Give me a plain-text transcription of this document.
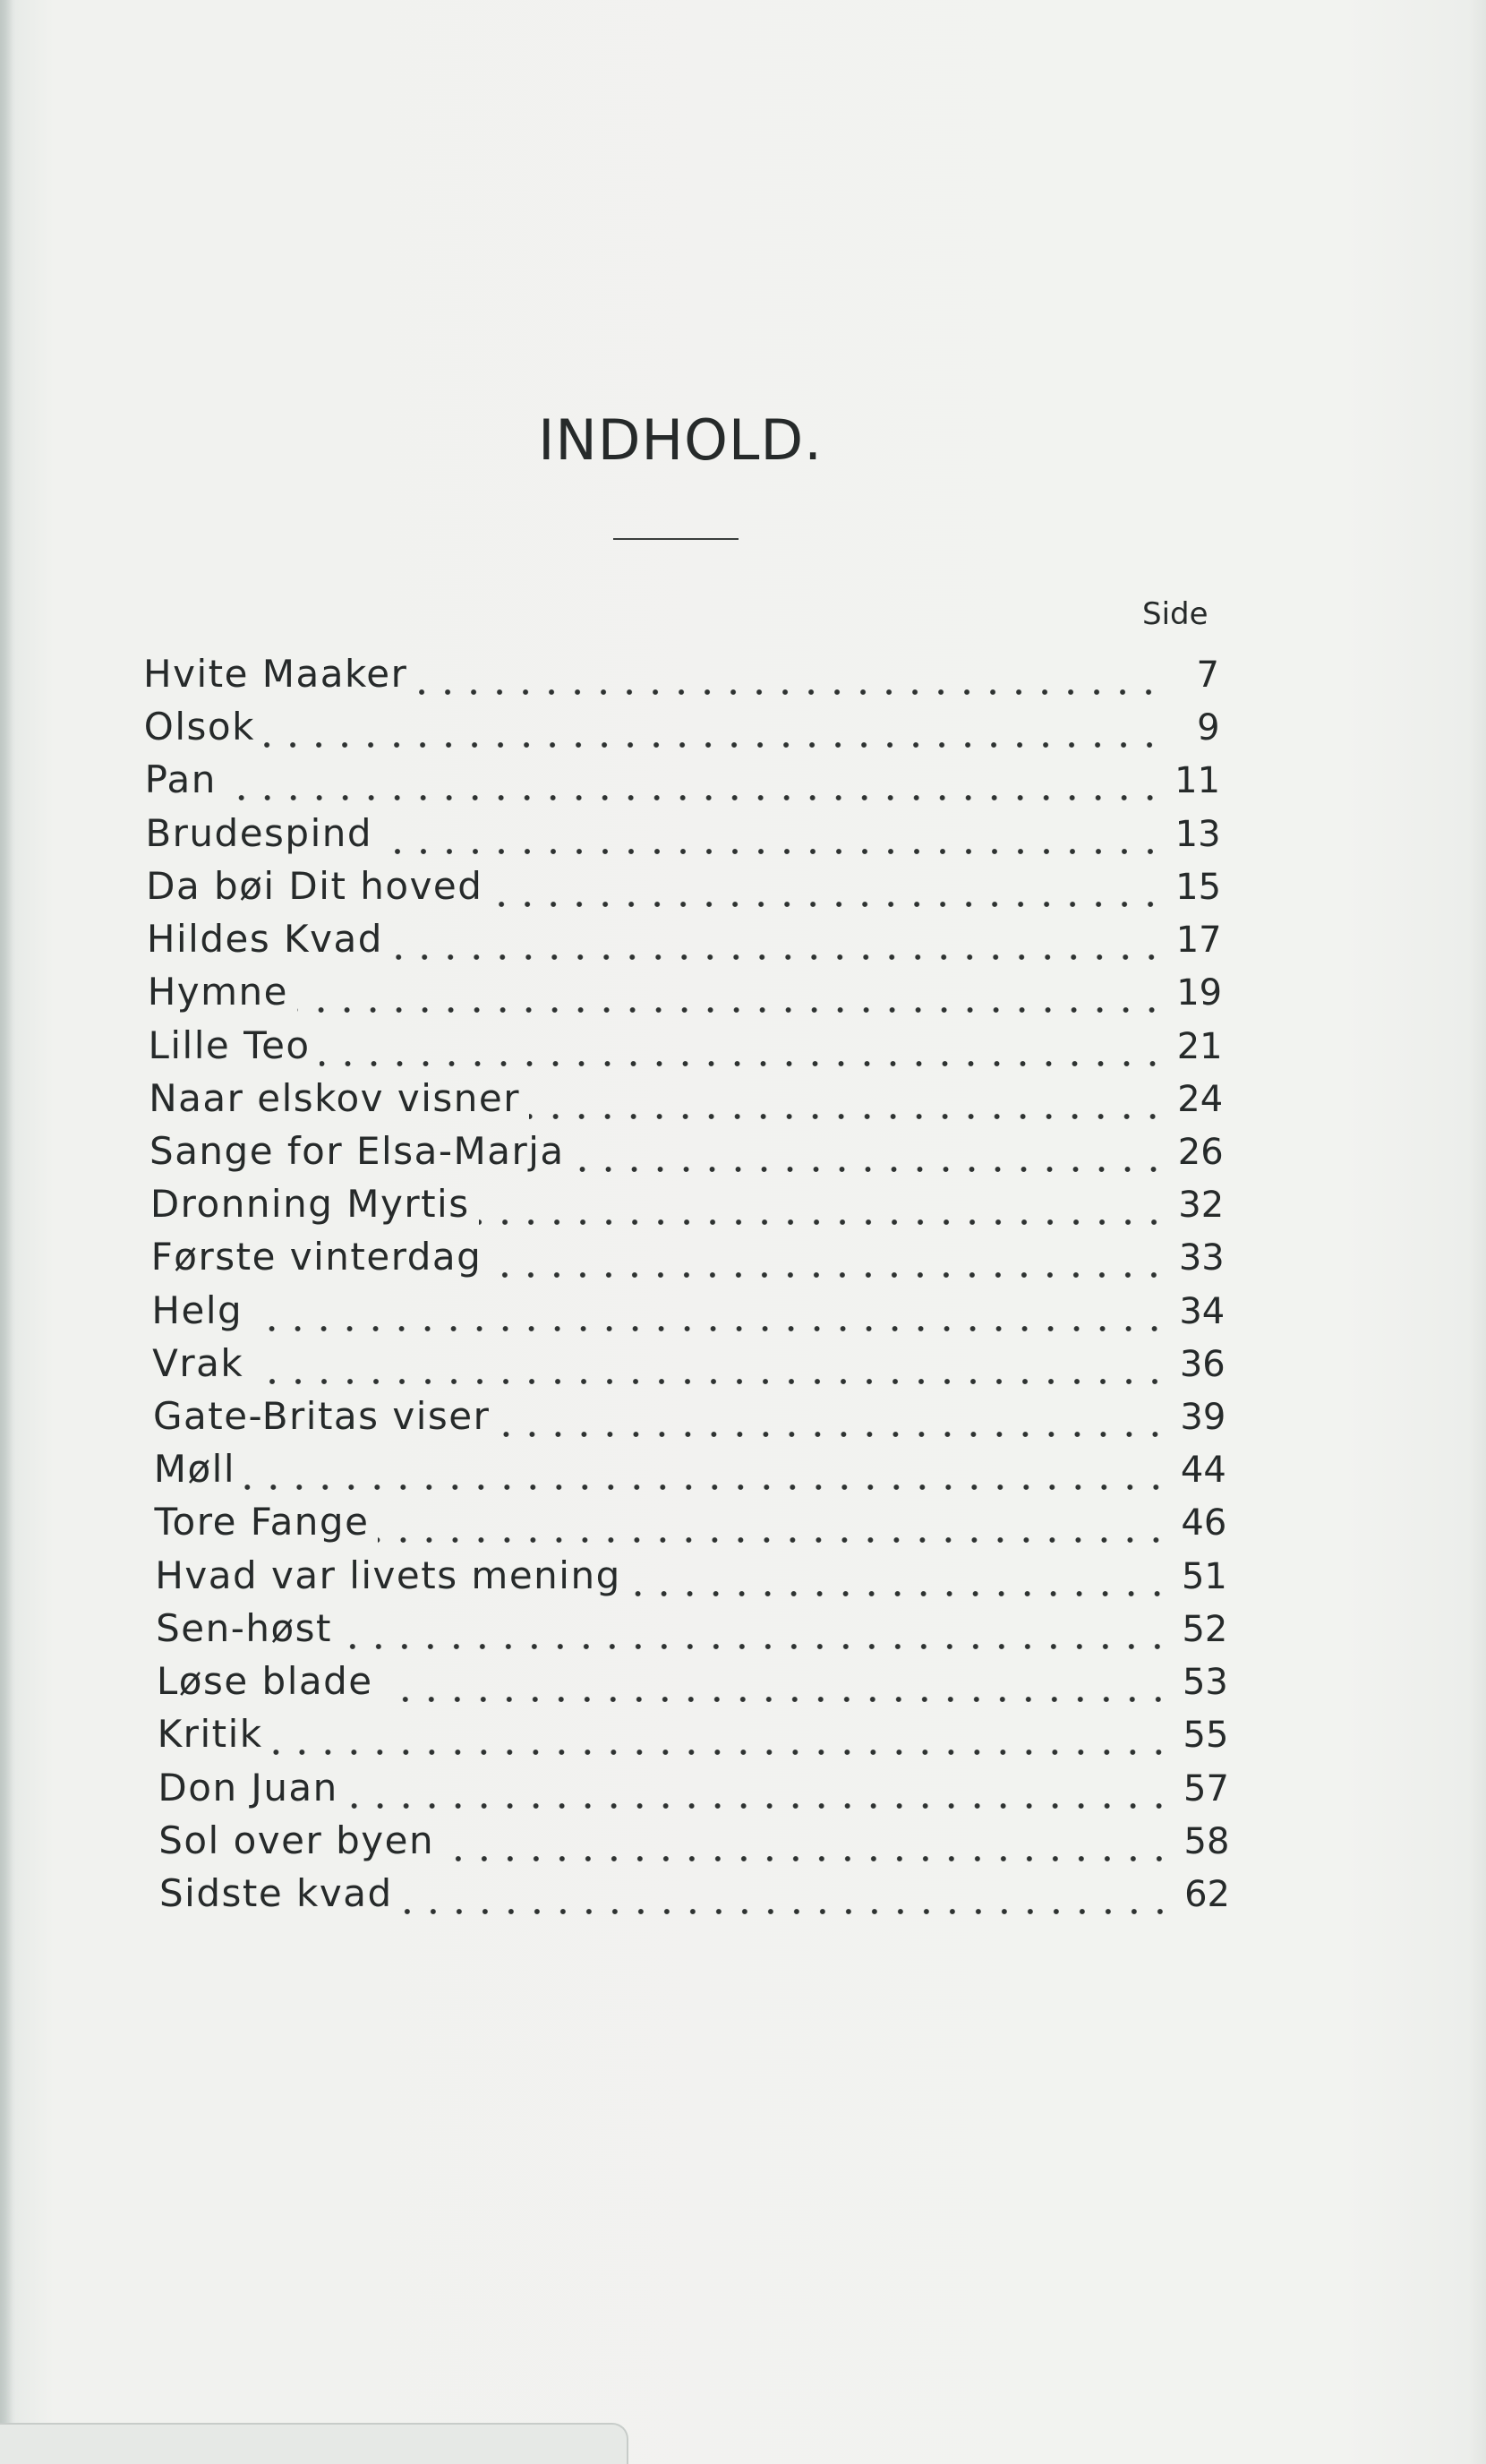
INDHOLD.
Side
Hvite Maaker	7
Olsok	9
Pan	11
Brudespind	13
Da bøi Dit hoved	15
Hildes Kvad	17
Hymne	19
Lille Teo	21
Naar elskov visner	24
Sange for Elsa-Marja	26
Dronning Myrtis	32
Første vinterdag	33
Helg	34
Vrak	36
Gate-Britas viser	39
Møll	44
Tore Fange	46
Hvad var livets mening	51
Sen-høst	52
Løse blade	53
Kritik	55
Don Juan	57
Sol over byen	58
Sidste kvad	62
